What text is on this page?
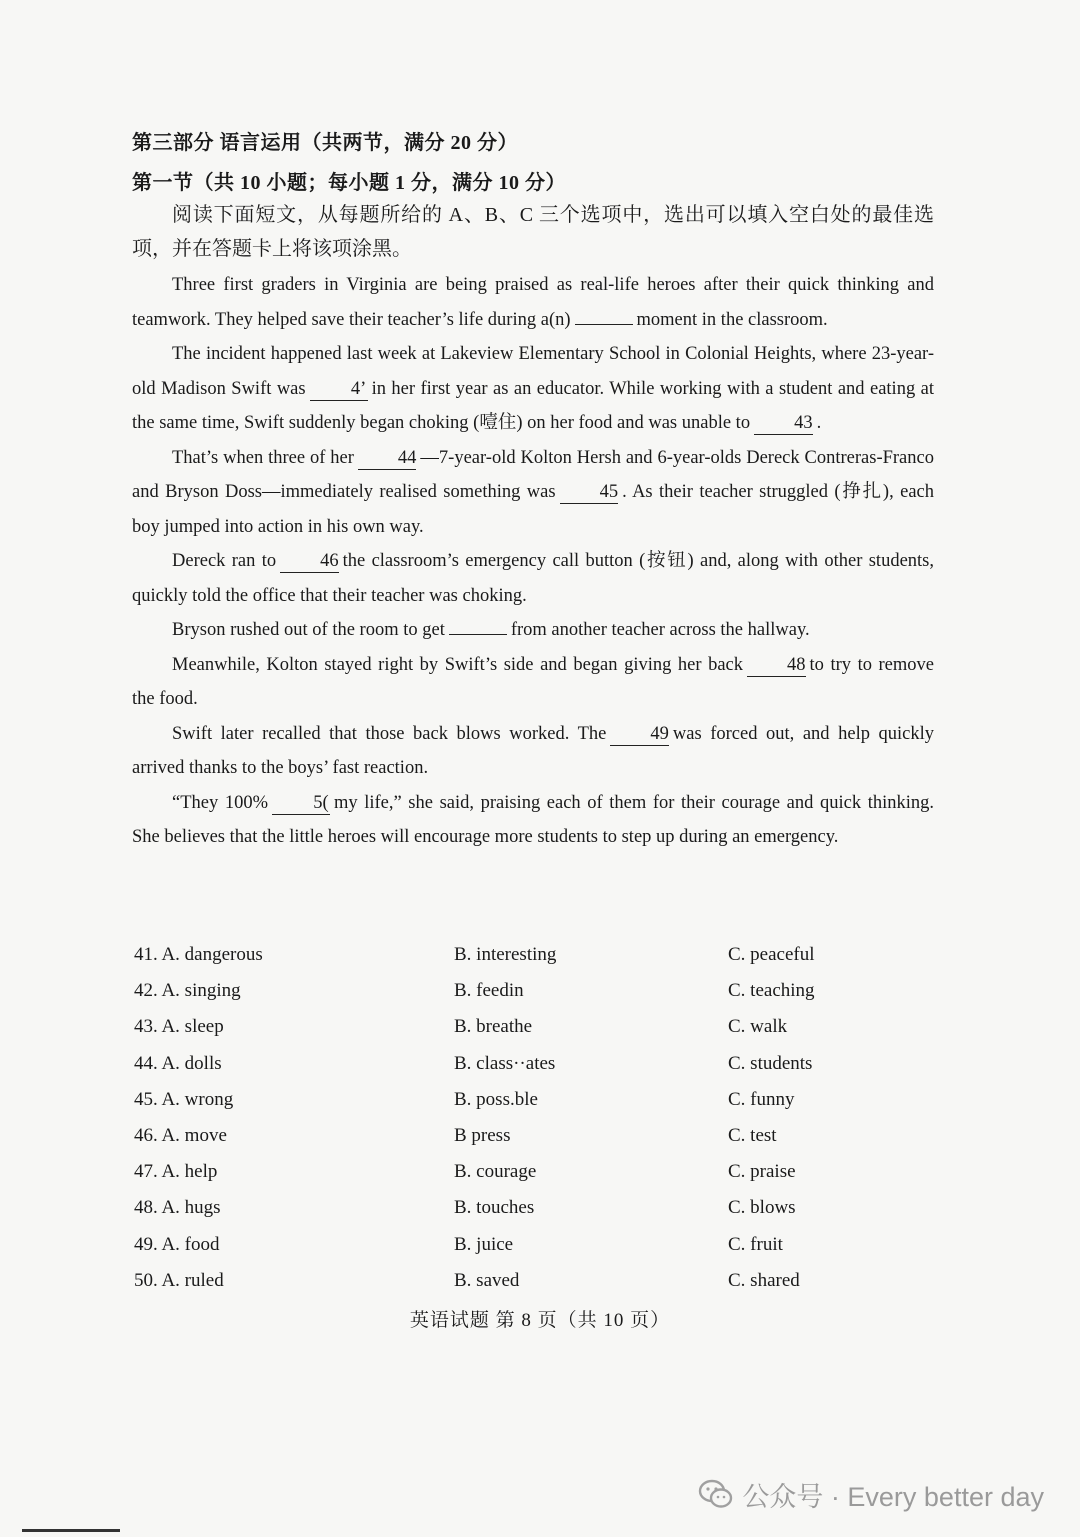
第三部分 语言运用（共两节，满分 20 分）
第一节（共 10 小题；每小题 1 分，满分 10 分）

阅读下面短文，从每题所给的 A、B、C 三个选项中，选出可以填入空白处的最佳选项，并在答题卡上将该项涂黑。

Three first graders in Virginia are being praised as real-life heroes after their quick thinking and teamwork. They helped save their teacher’s life during a(n)	moment in the classroom.

The incident happened last week at Lakeview Elementary School in Colonial Heights, where 23-year-old Madison Swift was 4’ in her first year as an educator. While working with a student and eating at the same time, Swift suddenly began choking (噎住) on her food and was unable to 43 .

That’s when three of her 44 —7-year-old Kolton Hersh and 6-year-olds Dereck Contreras-Franco and Bryson Doss—immediately realised something was 45 . As their teacher struggled (挣扎), each boy jumped into action in his own way.

Dereck ran to 46 the classroom’s emergency call button (按钮) and, along with other students, quickly told the office that their teacher was choking.

Bryson rushed out of the room to get	from another teacher across the hallway.

Meanwhile, Kolton stayed right by Swift’s side and began giving her back 48 to try to remove the food.

Swift later recalled that those back blows worked. The 49 was forced out, and help quickly arrived thanks to the boys’ fast reaction.

“They 100% 5( my life,” she said, praising each of them for their courage and quick thinking. She believes that the little heroes will encourage more students to step up during an emergency.

41. A. dangerous	B. interesting	C. peaceful
42. A. singing	B. feedin	C. teaching
43. A. sleep	B. breathe	C. walk
44. A. dolls	B. class··ates	C. students
45. A. wrong	B. poss.ble	C. funny
46. A. move	B press	C. test
47. A. help	B. courage	C. praise
48. A. hugs	B. touches	C. blows
49. A. food	B. juice	C. fruit
50. A. ruled	B. saved	C. shared
英语试题 第 8 页（共 10 页）
公众号 · Every better day
